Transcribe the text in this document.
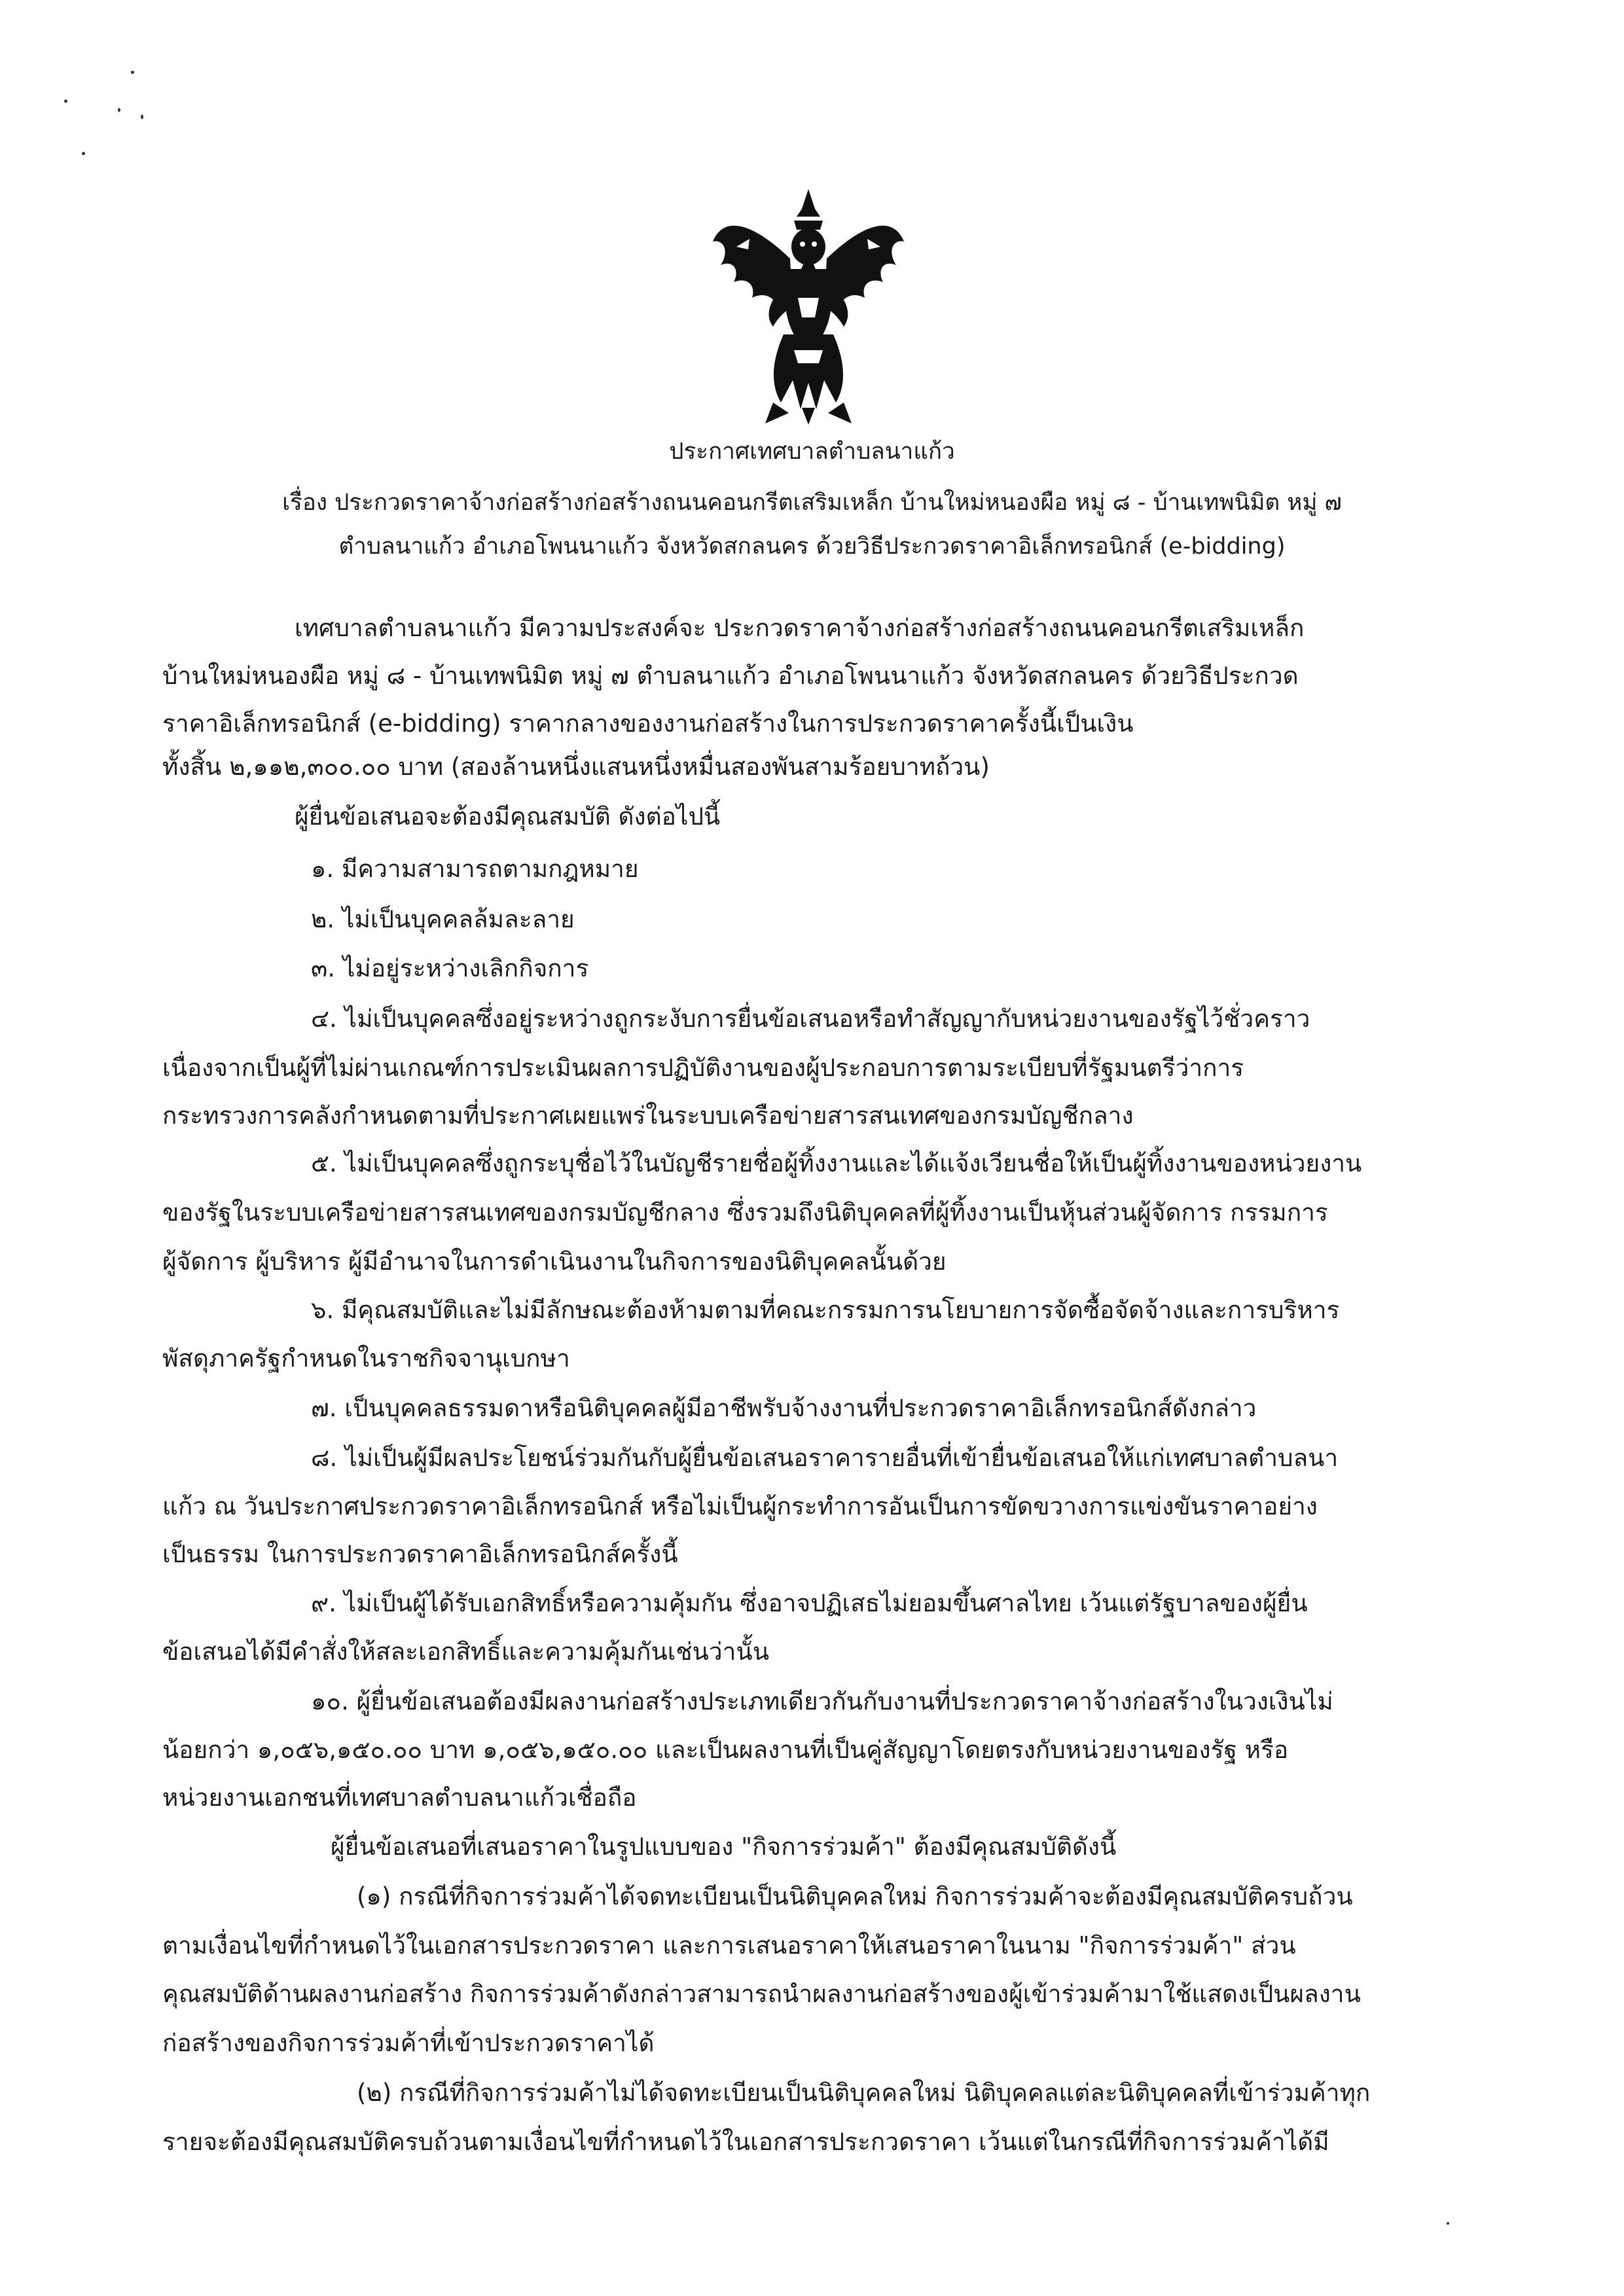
ประกาศเทศบาลตำบลนาแก้ว
เรื่อง ประกวดราคาจ้างก่อสร้างก่อสร้างถนนคอนกรีตเสริมเหล็ก บ้านใหม่หนองผือ หมู่ ๘ - บ้านเทพนิมิต หมู่ ๗
ตำบลนาแก้ว อำเภอโพนนาแก้ว จังหวัดสกลนคร ด้วยวิธีประกวดราคาอิเล็กทรอนิกส์ (e-bidding)
เทศบาลตำบลนาแก้ว มีความประสงค์จะ ประกวดราคาจ้างก่อสร้างก่อสร้างถนนคอนกรีตเสริมเหล็ก
บ้านใหม่หนองผือ หมู่ ๘ - บ้านเทพนิมิต หมู่ ๗ ตำบลนาแก้ว อำเภอโพนนาแก้ว จังหวัดสกลนคร ด้วยวิธีประกวด
ราคาอิเล็กทรอนิกส์ (e-bidding) ราคากลางของงานก่อสร้างในการประกวดราคาครั้งนี้เป็นเงิน
ทั้งสิ้น ๒,๑๑๒,๓๐๐.๐๐ บาท (สองล้านหนึ่งแสนหนึ่งหมื่นสองพันสามร้อยบาทถ้วน)
ผู้ยื่นข้อเสนอจะต้องมีคุณสมบัติ ดังต่อไปนี้
๑. มีความสามารถตามกฎหมาย
๒. ไม่เป็นบุคคลล้มละลาย
๓. ไม่อยู่ระหว่างเลิกกิจการ
๔. ไม่เป็นบุคคลซึ่งอยู่ระหว่างถูกระงับการยื่นข้อเสนอหรือทำสัญญากับหน่วยงานของรัฐไว้ชั่วคราว
เนื่องจากเป็นผู้ที่ไม่ผ่านเกณฑ์การประเมินผลการปฏิบัติงานของผู้ประกอบการตามระเบียบที่รัฐมนตรีว่าการ
กระทรวงการคลังกำหนดตามที่ประกาศเผยแพร่ในระบบเครือข่ายสารสนเทศของกรมบัญชีกลาง
๕. ไม่เป็นบุคคลซึ่งถูกระบุชื่อไว้ในบัญชีรายชื่อผู้ทิ้งงานและได้แจ้งเวียนชื่อให้เป็นผู้ทิ้งงานของหน่วยงาน
ของรัฐในระบบเครือข่ายสารสนเทศของกรมบัญชีกลาง ซึ่งรวมถึงนิติบุคคลที่ผู้ทิ้งงานเป็นหุ้นส่วนผู้จัดการ กรรมการ
ผู้จัดการ ผู้บริหาร ผู้มีอำนาจในการดำเนินงานในกิจการของนิติบุคคลนั้นด้วย
๖. มีคุณสมบัติและไม่มีลักษณะต้องห้ามตามที่คณะกรรมการนโยบายการจัดซื้อจัดจ้างและการบริหาร
พัสดุภาครัฐกำหนดในราชกิจจานุเบกษา
๗. เป็นบุคคลธรรมดาหรือนิติบุคคลผู้มีอาชีพรับจ้างงานที่ประกวดราคาอิเล็กทรอนิกส์ดังกล่าว
๘. ไม่เป็นผู้มีผลประโยชน์ร่วมกันกับผู้ยื่นข้อเสนอราคารายอื่นที่เข้ายื่นข้อเสนอให้แก่เทศบาลตำบลนา
แก้ว ณ วันประกาศประกวดราคาอิเล็กทรอนิกส์ หรือไม่เป็นผู้กระทำการอันเป็นการขัดขวางการแข่งขันราคาอย่าง
เป็นธรรม ในการประกวดราคาอิเล็กทรอนิกส์ครั้งนี้
๙. ไม่เป็นผู้ได้รับเอกสิทธิ์หรือความคุ้มกัน ซึ่งอาจปฏิเสธไม่ยอมขึ้นศาลไทย เว้นแต่รัฐบาลของผู้ยื่น
ข้อเสนอได้มีคำสั่งให้สละเอกสิทธิ์และความคุ้มกันเช่นว่านั้น
๑๐. ผู้ยื่นข้อเสนอต้องมีผลงานก่อสร้างประเภทเดียวกันกับงานที่ประกวดราคาจ้างก่อสร้างในวงเงินไม่
น้อยกว่า ๑,๐๕๖,๑๕๐.๐๐ บาท ๑,๐๕๖,๑๕๐.๐๐ และเป็นผลงานที่เป็นคู่สัญญาโดยตรงกับหน่วยงานของรัฐ หรือ
หน่วยงานเอกชนที่เทศบาลตำบลนาแก้วเชื่อถือ
ผู้ยื่นข้อเสนอที่เสนอราคาในรูปแบบของ "กิจการร่วมค้า" ต้องมีคุณสมบัติดังนี้
(๑) กรณีที่กิจการร่วมค้าได้จดทะเบียนเป็นนิติบุคคลใหม่ กิจการร่วมค้าจะต้องมีคุณสมบัติครบถ้วน
ตามเงื่อนไขที่กำหนดไว้ในเอกสารประกวดราคา และการเสนอราคาให้เสนอราคาในนาม "กิจการร่วมค้า" ส่วน
คุณสมบัติด้านผลงานก่อสร้าง กิจการร่วมค้าดังกล่าวสามารถนำผลงานก่อสร้างของผู้เข้าร่วมค้ามาใช้แสดงเป็นผลงาน
ก่อสร้างของกิจการร่วมค้าที่เข้าประกวดราคาได้
(๒) กรณีที่กิจการร่วมค้าไม่ได้จดทะเบียนเป็นนิติบุคคลใหม่ นิติบุคคลแต่ละนิติบุคคลที่เข้าร่วมค้าทุก
รายจะต้องมีคุณสมบัติครบถ้วนตามเงื่อนไขที่กำหนดไว้ในเอกสารประกวดราคา เว้นแต่ในกรณีที่กิจการร่วมค้าได้มี
